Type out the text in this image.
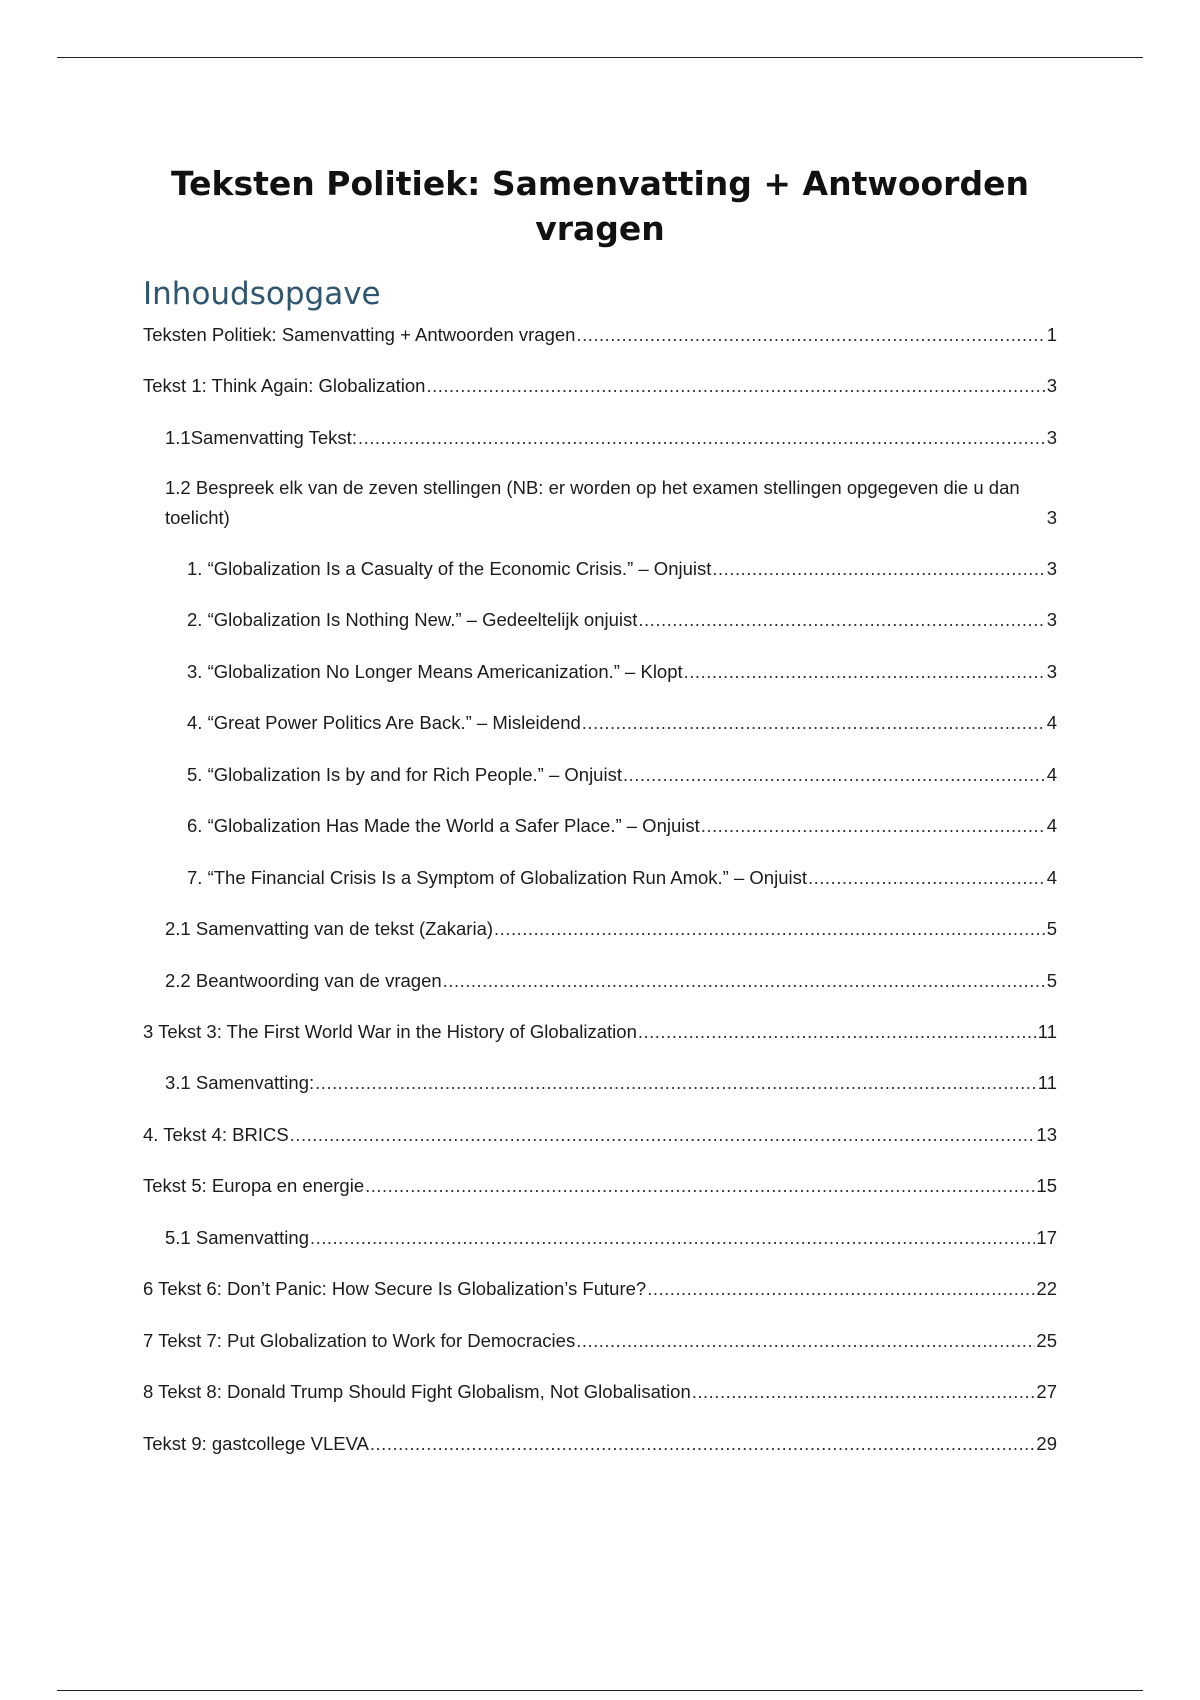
Teksten Politiek: Samenvatting + Antwoorden vragen
Inhoudsopgave
Teksten Politiek: Samenvatting + Antwoorden vragen .....	1
Tekst 1: Think Again: Globalization .....	3
1.1Samenvatting Tekst: .....	3
1.2 Bespreek elk van de zeven stellingen (NB: er worden op het examen stellingen opgegeven die u dan toelicht)	3
1. “Globalization Is a Casualty of the Economic Crisis.” – Onjuist .....	3
2. “Globalization Is Nothing New.” – Gedeeltelijk onjuist .....	3
3. “Globalization No Longer Means Americanization.” – Klopt .....	3
4. “Great Power Politics Are Back.” – Misleidend .....	4
5. “Globalization Is by and for Rich People.” – Onjuist .....	4
6. “Globalization Has Made the World a Safer Place.” – Onjuist .....	4
7. “The Financial Crisis Is a Symptom of Globalization Run Amok.” – Onjuist .....	4
2.1 Samenvatting van de tekst (Zakaria) .....	5
2.2 Beantwoording van de vragen .....	5
3 Tekst 3: The First World War in the History of Globalization .....	11
3.1 Samenvatting: .....	11
4. Tekst 4: BRICS .....	13
Tekst 5: Europa en energie .....	15
5.1 Samenvatting .....	17
6 Tekst 6: Don’t Panic: How Secure Is Globalization’s Future? .....	22
7 Tekst 7: Put Globalization to Work for Democracies .....	25
8 Tekst 8: Donald Trump Should Fight Globalism, Not Globalisation .....	27
Tekst 9: gastcollege VLEVA .....	29
